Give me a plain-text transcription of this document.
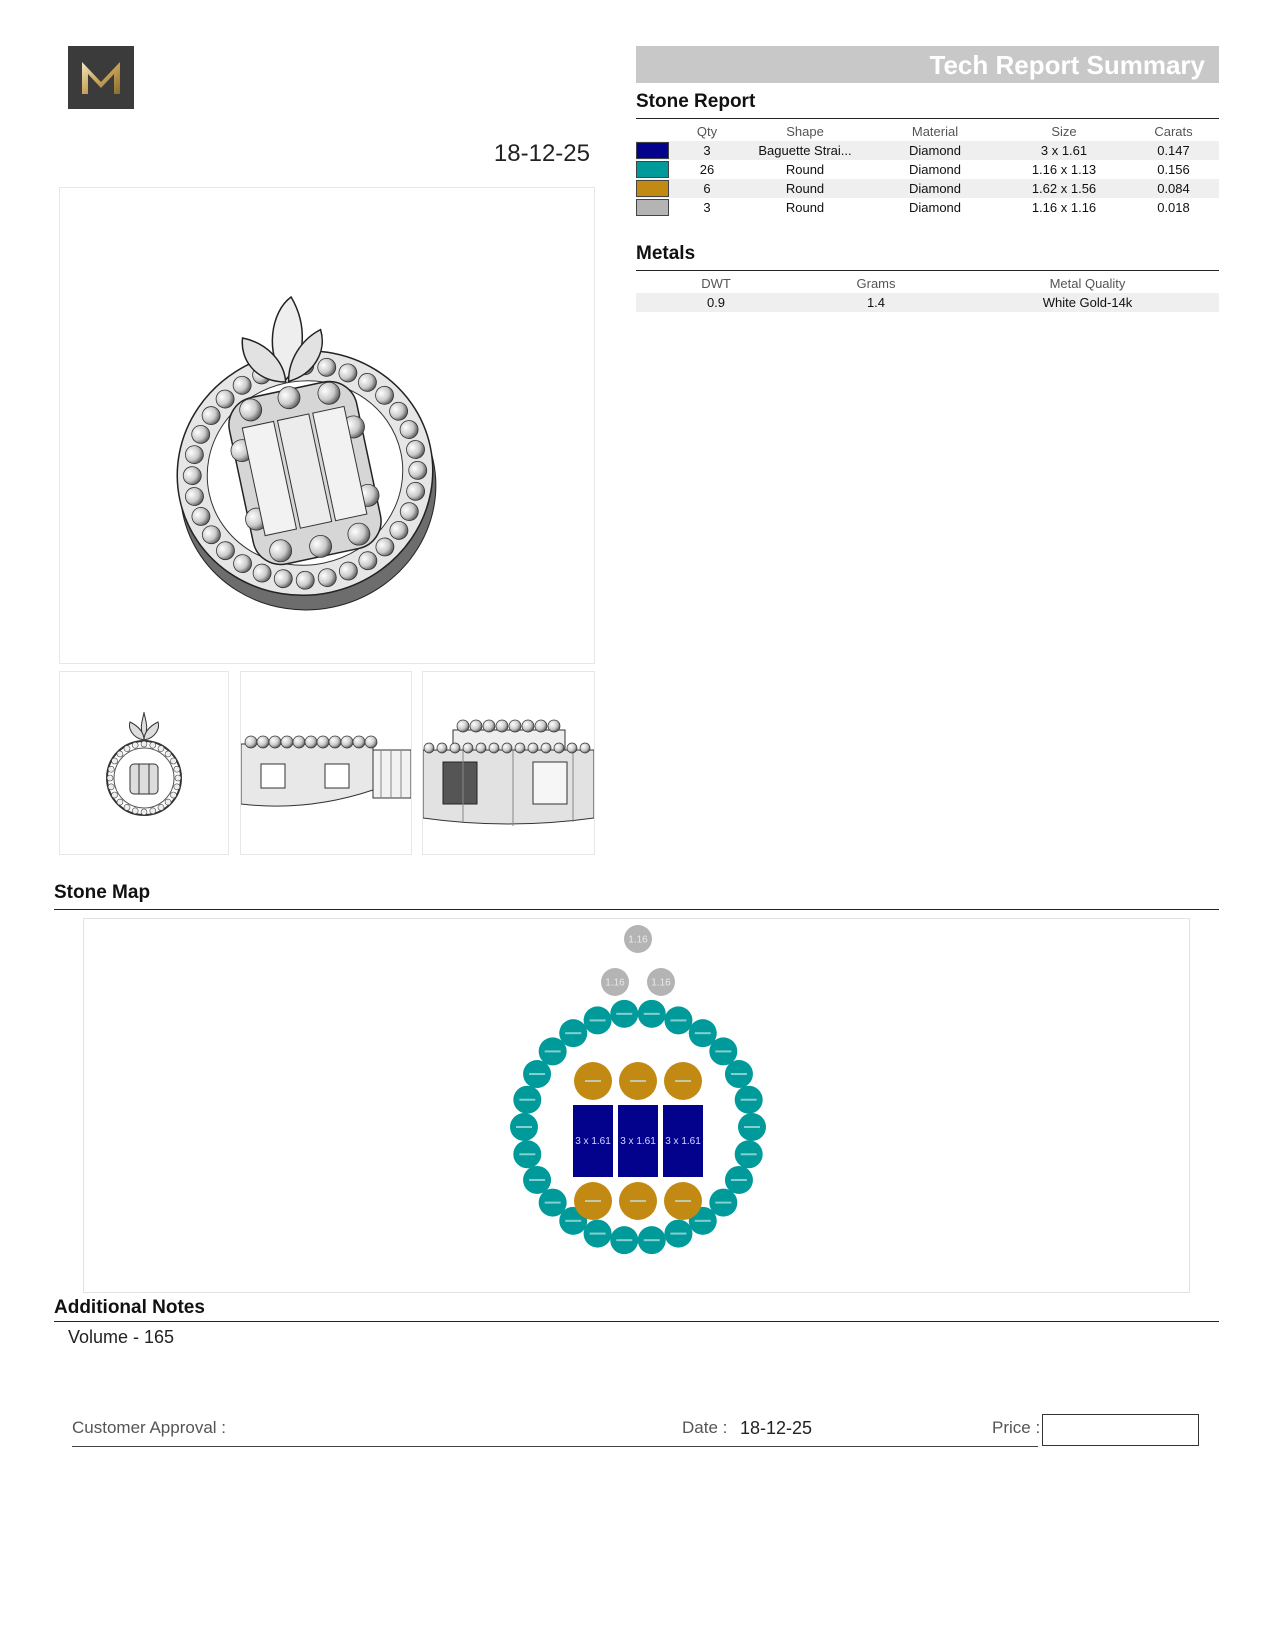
18-12-25
Tech Report Summary
Stone Report
	Qty	Shape	Material	Size	Carats
	3	Baguette Strai...	Diamond	3 x 1.61	0.147
	26	Round	Diamond	1.16 x 1.13	0.156
	6	Round	Diamond	1.62 x 1.56	0.084
	3	Round	Diamond	1.16 x 1.16	0.018
Metals
DWT	Grams	Metal Quality
0.9	1.4	White Gold-14k
Stone Map
1.16
1.16	1.16
3 x 1.61 3 x 1.61 3 x 1.61
Additional Notes
Volume - 165
Customer Approval :	Date : 18-12-25	Price :
